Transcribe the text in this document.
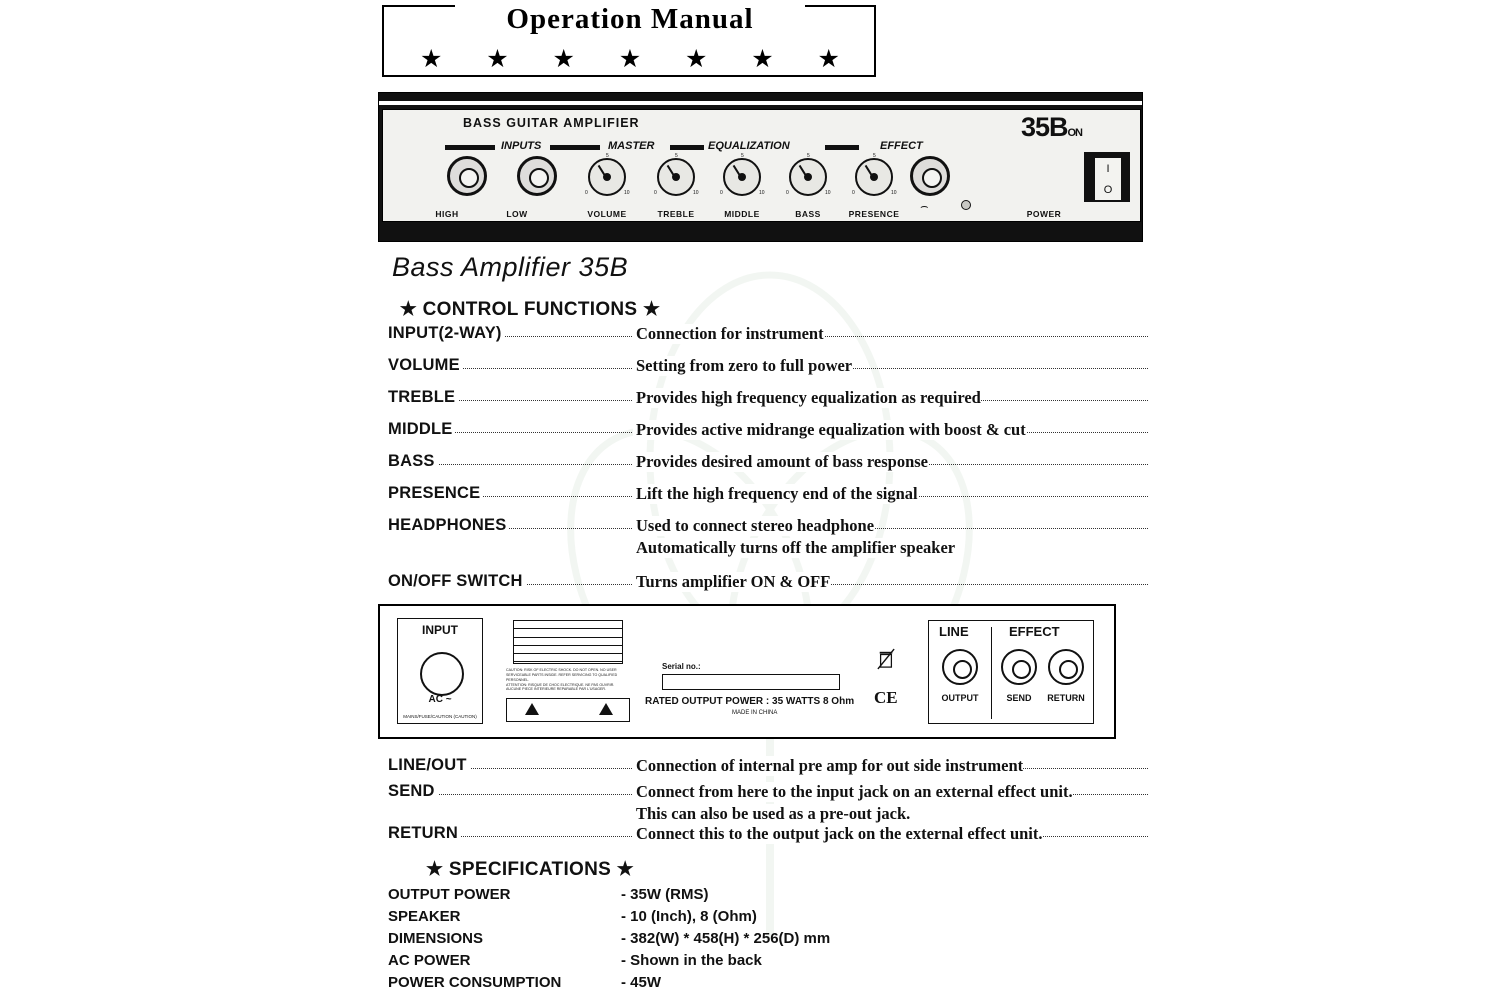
Operation Manual
★ ★ ★ ★ ★ ★ ★
BASS GUITAR AMPLIFIER	35BON
INPUTS	MASTER	EQUALIZATION	EFFECT
0
5
10	0
5
10	0
5
10	0
5
10	0
5
10
⌢
HIGH	LOW	VOLUME	TREBLE	MIDDLE	BASS	PRESENCE	POWER
I
O
Bass Amplifier 35B
★ CONTROL FUNCTIONS ★
INPUT(2-WAY)	Connection for instrument
VOLUME	Setting from zero to full power
TREBLE	Provides high frequency equalization as required
MIDDLE	Provides active midrange equalization with boost & cut
BASS	Provides desired amount of bass response
PRESENCE	Lift the high frequency end of the signal
HEADPHONES	Used to connect stereo headphone
Automatically turns off the amplifier speaker
ON/OFF SWITCH	Turns amplifier ON & OFF
INPUT
AC ~
MAINS/FUSE/CAUTION (CAUTION)
CAUTION: RISK OF ELECTRIC SHOCK. DO NOT OPEN. NO USER SERVICEABLE PARTS INSIDE. REFER SERVICING TO QUALIFIED PERSONNEL.
ATTENTION: RISQUE DE CHOC ELECTRIQUE. NE PAS OUVRIR. AUCUNE PIECE INTERIEURE REPARABLE PAR L'USAGER.
Serial no.:
RATED OUTPUT POWER : 35 WATTS 8 Ohm
MADE IN CHINA
CE
LINE	EFFECT
OUTPUT	SEND	RETURN
LINE/OUT	Connection of internal pre amp for out side instrument
SEND	Connect from here to the input jack on an external effect unit.
This can also be used as a pre-out jack.
RETURN	Connect this to the output jack on the external effect unit.
★ SPECIFICATIONS ★
OUTPUT POWER	- 35W (RMS)
SPEAKER	- 10 (Inch), 8 (Ohm)
DIMENSIONS	- 382(W) * 458(H) * 256(D) mm
AC POWER	- Shown in the back
POWER CONSUMPTION	- 45W
